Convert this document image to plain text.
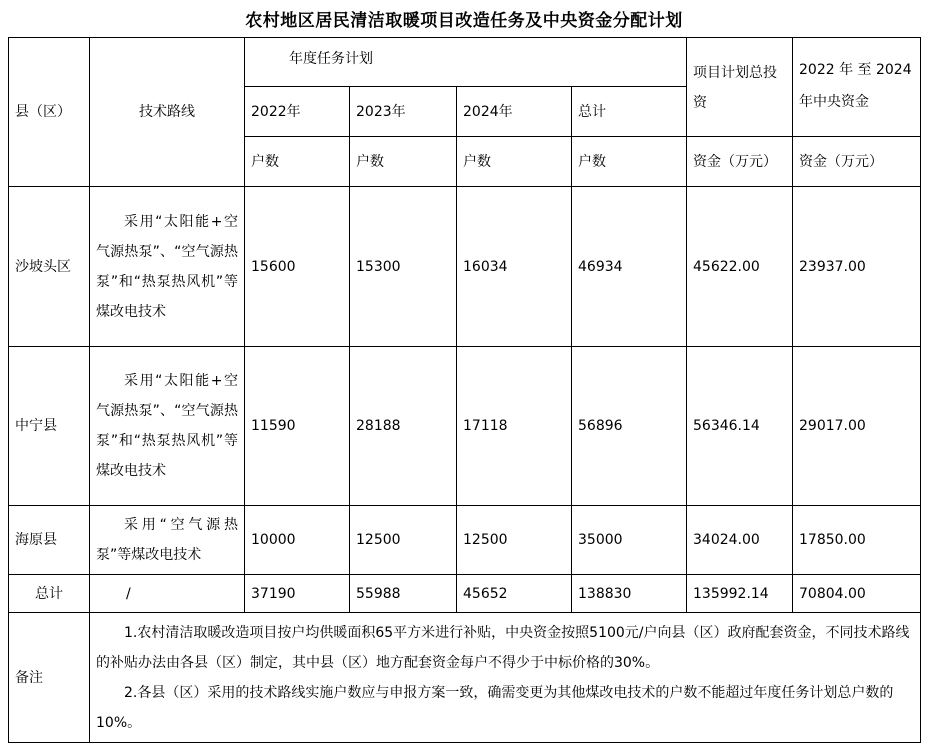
农村地区居民清洁取暖项目改造任务及中央资金分配计划
县（区）	技术路线	年度任务计划				项目计划总投资	2022 年 至 2024年中央资金
		2022年	2023年	2024年	总计		
		户数	户数	户数	户数	资金（万元）	资金（万元）
沙坡头区	采用“太阳能+空气源热泵”、“空气源热泵”和“热泵热风机”等煤改电技术	15600	15300	16034	46934	45622.00	23937.00
中宁县	采用“太阳能+空气源热泵”、“空气源热泵”和“热泵热风机”等煤改电技术	11590	28188	17118	56896	56346.14	29017.00
海原县	采用“空气源热泵”等煤改电技术	10000	12500	12500	35000	34024.00	17850.00
总计	/	37190	55988	45652	138830	135992.14	70804.00
备注	1.农村清洁取暖改造项目按户均供暖面积65平方米进行补贴，中央资金按照5100元/户向县（区）政府配套资金，不同技术路线的补贴办法由各县（区）制定，其中县（区）地方配套资金每户不得少于中标价格的30%。

2.各县（区）采用的技术路线实施户数应与申报方案一致，确需变更为其他煤改电技术的户数不能超过年度任务计划总户数的10%。						
